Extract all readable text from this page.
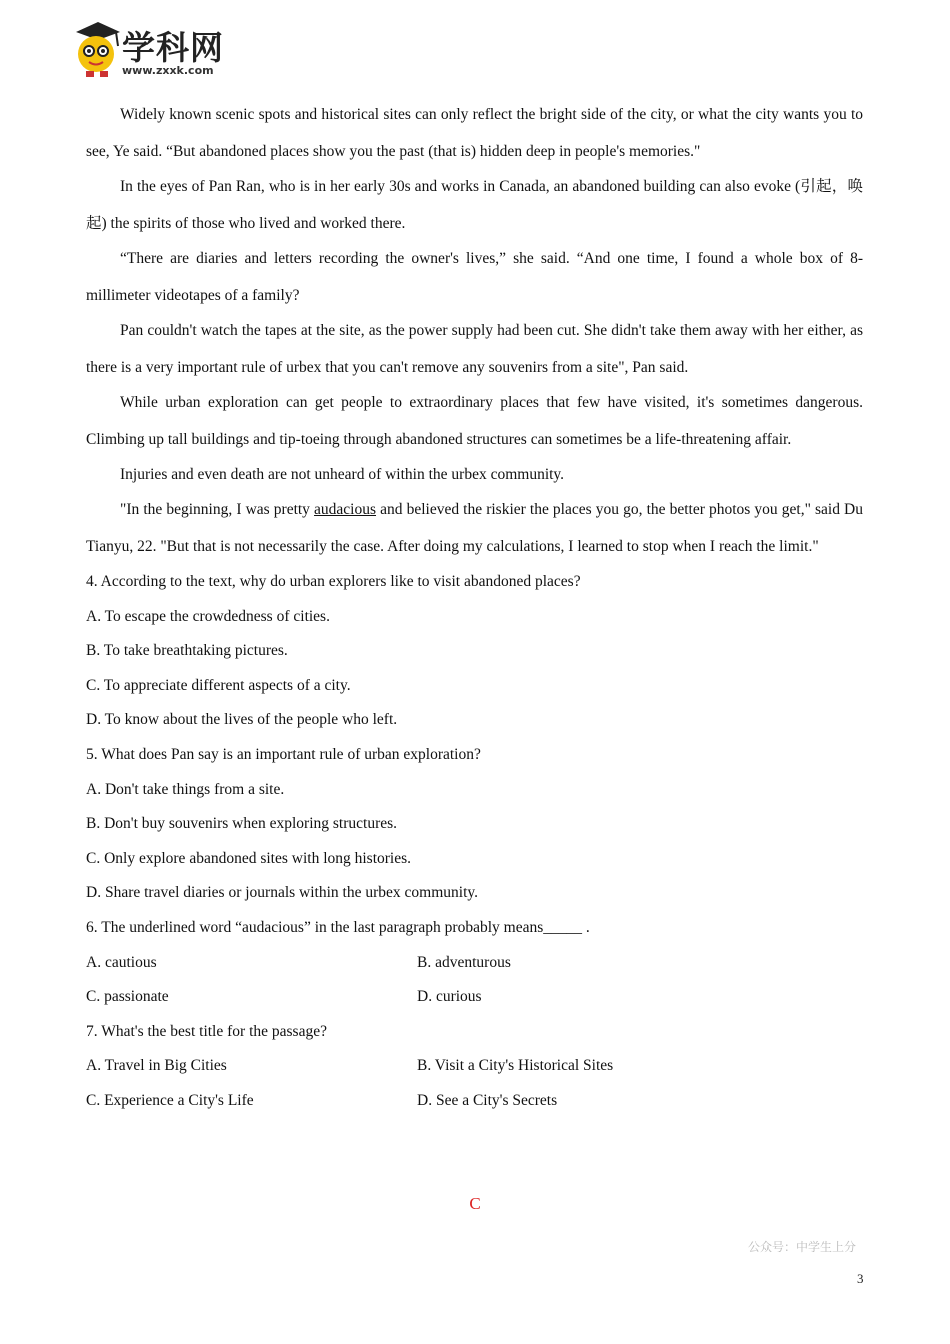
学科网
www.zxxk.com

Widely known scenic spots and historical sites can only reflect the bright side of the city, or what the city wants you to see, Ye said. “But abandoned places show you the past (that is) hidden deep in people's memories."

In the eyes of Pan Ran, who is in her early 30s and works in Canada, an abandoned building can also evoke (引起，唤起) the spirits of those who lived and worked there.

“There are diaries and letters recording the owner's lives,” she said. “And one time, I found a whole box of 8-millimeter videotapes of a family?

Pan couldn't watch the tapes at the site, as the power supply had been cut. She didn't take them away with her either, as there is a very important rule of urbex that you can't remove any souvenirs from a site", Pan said.

While urban exploration can get people to extraordinary places that few have visited, it's sometimes dangerous. Climbing up tall buildings and tip-toeing through abandoned structures can sometimes be a life-threatening affair.

Injuries and even death are not unheard of within the urbex community.

"In the beginning, I was pretty audacious and believed the riskier the places you go, the better photos you get," said Du Tianyu, 22. "But that is not necessarily the case. After doing my calculations, I learned to stop when I reach the limit."

4. According to the text, why do urban explorers like to visit abandoned places?
A. To escape the crowdedness of cities.
B. To take breathtaking pictures.
C. To appreciate different aspects of a city.
D. To know about the lives of the people who left.
5. What does Pan say is an important rule of urban exploration?
A. Don't take things from a site.
B. Don't buy souvenirs when exploring structures.
C. Only explore abandoned sites with long histories.
D. Share travel diaries or journals within the urbex community.
6. The underlined word “audacious” in the last paragraph probably means_____ .
A. cautious	B. adventurous
C. passionate	D. curious
7. What's the best title for the passage?
A. Travel in Big Cities	B. Visit a City's Historical Sites
C. Experience a City's Life	D. See a City's Secrets
C
公众号：中学生上分
3
